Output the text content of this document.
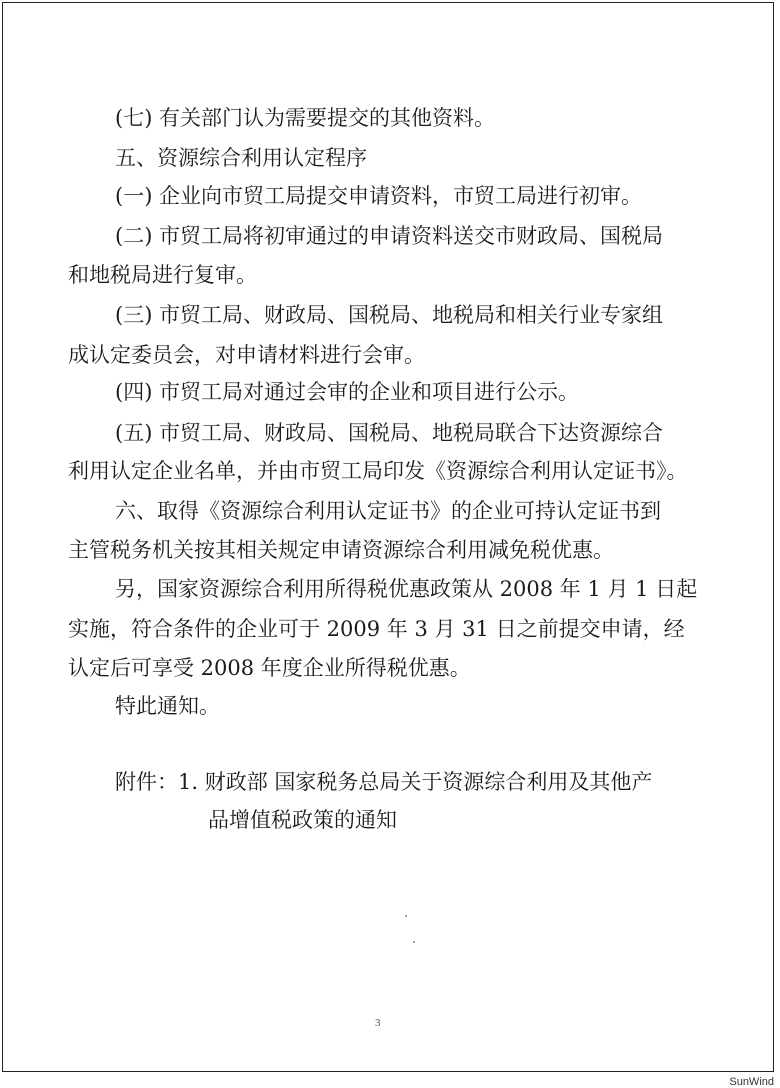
(七) 有关部门认为需要提交的其他资料。
五、资源综合利用认定程序
(一) 企业向市贸工局提交申请资料，市贸工局进行初审。
(二) 市贸工局将初审通过的申请资料送交市财政局、国税局
和地税局进行复审。
(三) 市贸工局、财政局、国税局、地税局和相关行业专家组
成认定委员会，对申请材料进行会审。
(四) 市贸工局对通过会审的企业和项目进行公示。
(五) 市贸工局、财政局、国税局、地税局联合下达资源综合
利用认定企业名单，并由市贸工局印发《资源综合利用认定证书》。
六、取得《资源综合利用认定证书》的企业可持认定证书到
主管税务机关按其相关规定申请资源综合利用减免税优惠。
另，国家资源综合利用所得税优惠政策从 2008 年 1 月 1 日起
实施，符合条件的企业可于 2009 年 3 月 31 日之前提交申请，经
认定后可享受 2008 年度企业所得税优惠。
特此通知。
附件：1. 财政部 国家税务总局关于资源综合利用及其他产
品增值税政策的通知
3
SunWind
